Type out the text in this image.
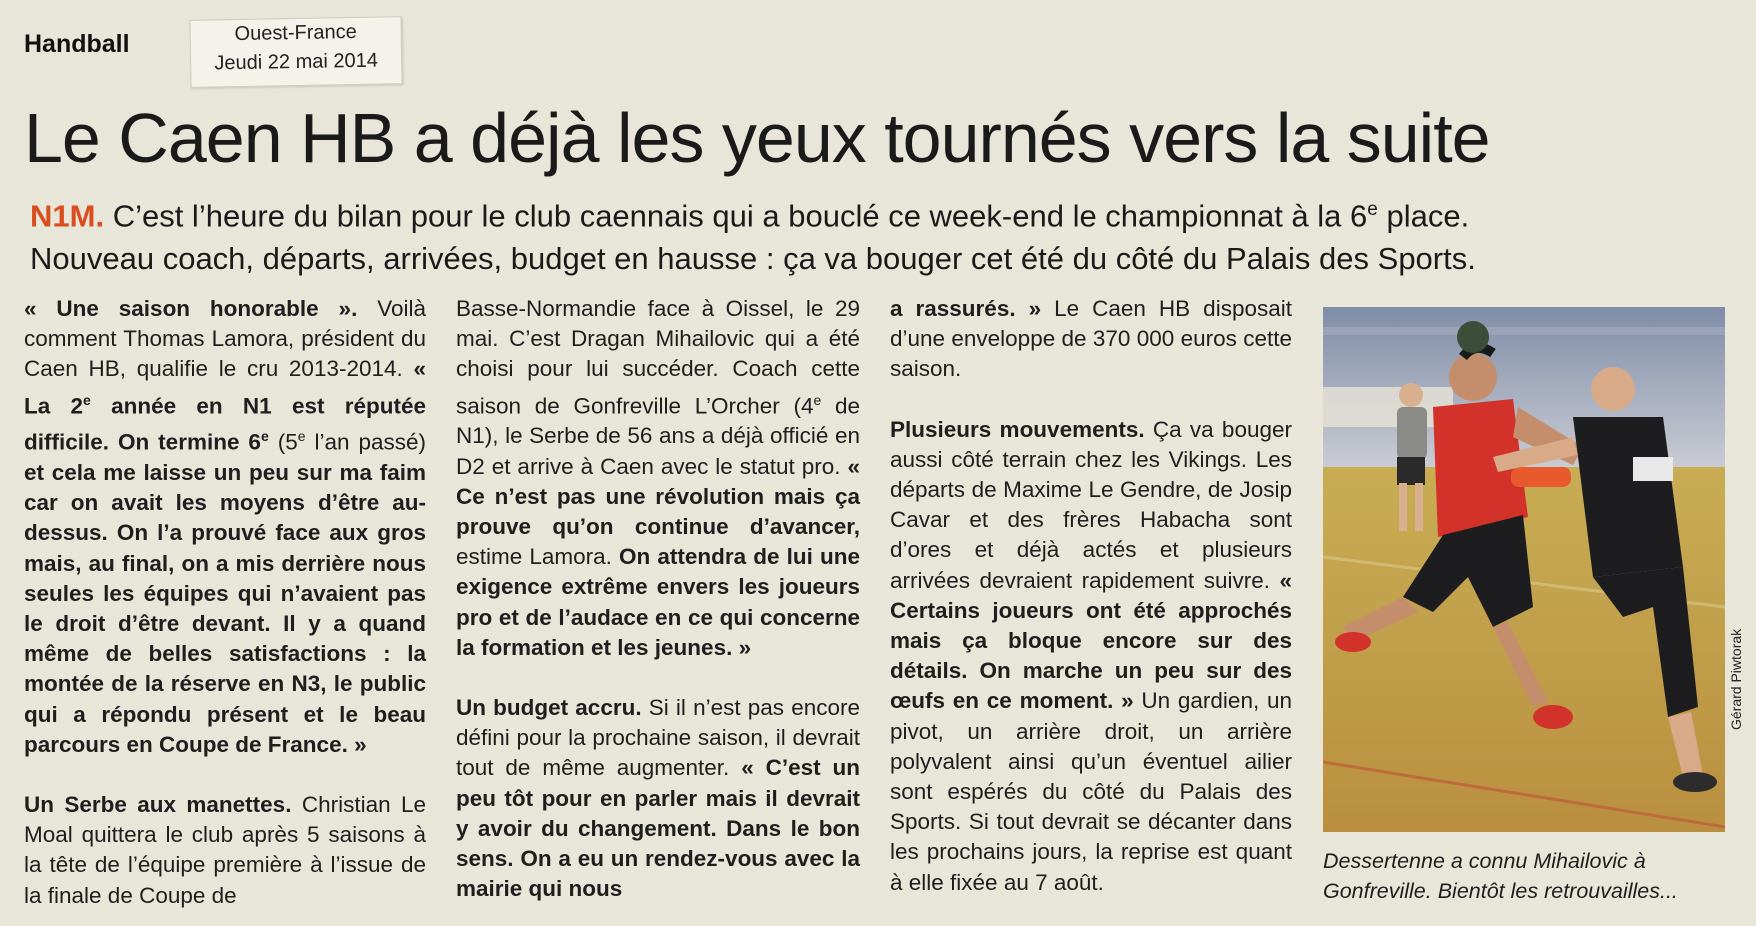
Handball	Ouest-France
Jeudi 22 mai 2014
Le Caen HB a déjà les yeux tournés vers la suite
N1M. C’est l’heure du bilan pour le club caennais qui a bouclé ce week-end le championnat à la 6e place.
Nouveau coach, départs, arrivées, budget en hausse : ça va bouger cet été du côté du Palais des Sports.

« Une saison honorable ». Voilà comment Thomas Lamora, président du Caen HB, qualifie le cru 2013-2014. « La 2e année en N1 est réputée difficile. On termine 6e (5e l’an passé) et cela me laisse un peu sur ma faim car on avait les moyens d’être au-dessus. On l’a prouvé face aux gros mais, au final, on a mis derrière nous seules les équipes qui n’avaient pas le droit d’être devant. Il y a quand même de belles satisfactions : la montée de la réserve en N3, le public qui a répondu présent et le beau parcours en Coupe de France. »

Un Serbe aux manettes. Christian Le Moal quittera le club après 5 saisons à la tête de l’équipe première à l’issue de la finale de Coupe de

Basse-Normandie face à Oissel, le 29 mai. C’est Dragan Mihailovic qui a été choisi pour lui succéder. Coach cette saison de Gonfreville L’Orcher (4e de N1), le Serbe de 56 ans a déjà officié en D2 et arrive à Caen avec le statut pro. « Ce n’est pas une révolution mais ça prouve qu’on continue d’avancer, estime Lamora. On attendra de lui une exigence extrême envers les joueurs pro et de l’audace en ce qui concerne la formation et les jeunes. »

Un budget accru. Si il n’est pas encore défini pour la prochaine saison, il devrait tout de même augmenter. « C’est un peu tôt pour en parler mais il devrait y avoir du changement. Dans le bon sens. On a eu un rendez-vous avec la mairie qui nous

a rassurés. » Le Caen HB disposait d’une enveloppe de 370 000 euros cette saison.

Plusieurs mouvements. Ça va bouger aussi côté terrain chez les Vikings. Les départs de Maxime Le Gendre, de Josip Cavar et des frères Habacha sont d’ores et déjà actés et plusieurs arrivées devraient rapidement suivre. « Certains joueurs ont été approchés mais ça bloque encore sur des détails. On marche un peu sur des œufs en ce moment. » Un gardien, un pivot, un arrière droit, un arrière polyvalent ainsi qu’un éventuel ailier sont espérés du côté du Palais des Sports. Si tout devrait se décanter dans les prochains jours, la reprise est quant à elle fixée au 7 août.

Gérard Piwtorak
Dessertenne a connu Mihailovic à Gonfreville. Bientôt les retrouvailles...
